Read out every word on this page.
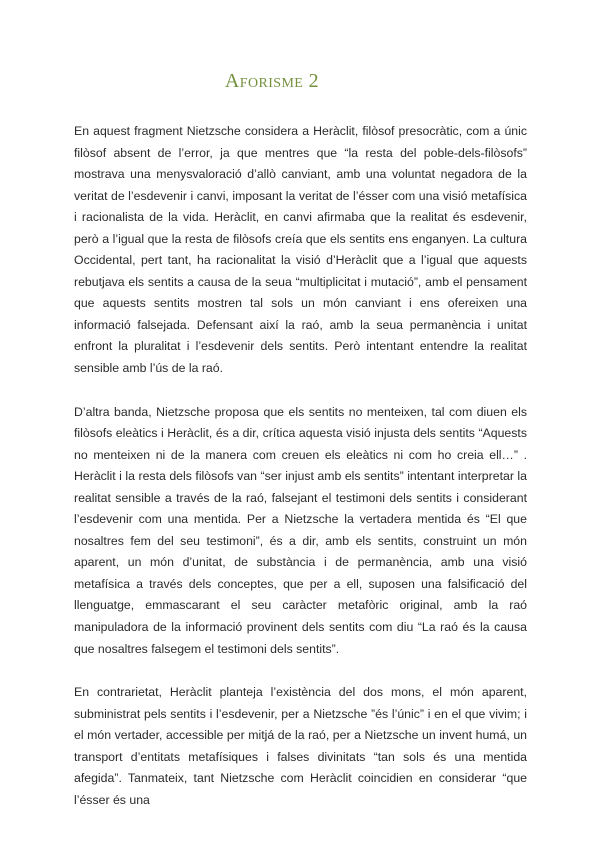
Aforisme 2

En aquest fragment Nietzsche considera a Heràclit, filòsof presocràtic, com a únic filòsof absent de l’error, ja que mentres que “la resta del poble-dels-filòsofs” mostrava una menysvaloració d’allò canviant, amb una voluntat negadora de la veritat de l’esdevenir i canvi, imposant la veritat de l’ésser com una visió metafísica i racionalista de la vida. Heràclit, en canvi afirmaba que la realitat és esdevenir, però a l’igual que la resta de filòsofs creía que els sentits ens enganyen. La cultura Occidental, pert tant, ha racionalitat la visió d’Heràclit que a l’igual que aquests rebutjava els sentits a causa de la seua “multiplicitat i mutació”, amb el pensament que aquests sentits mostren tal sols un món canviant i ens ofereixen una informació falsejada. Defensant així la raó, amb la seua permanència i unitat enfront la pluralitat i l’esdevenir dels sentits. Però intentant entendre la realitat sensible amb l’ús de la raó.

D’altra banda, Nietzsche proposa que els sentits no menteixen, tal com diuen els filòsofs eleàtics i Heràclit, és a dir, crítica aquesta visió injusta dels sentits “Aquests no menteixen ni de la manera com creuen els eleàtics ni com ho creia ell…” . Heràclit i la resta dels filòsofs van “ser injust amb els sentits” intentant interpretar la realitat sensible a través de la raó, falsejant el testimoni dels sentits i considerant l’esdevenir com una mentida. Per a Nietzsche la vertadera mentida és “El que nosaltres fem del seu testimoni”, és a dir, amb els sentits, construint un món aparent, un món d’unitat, de substància i de permanència, amb una visió metafísica a través dels conceptes, que per a ell, suposen una falsificació del llenguatge, emmascarant el seu caràcter metafòric original, amb la raó manipuladora de la informació provinent dels sentits com diu “La raó és la causa que nosaltres falsegem el testimoni dels sentits”.

En contrarietat, Heràclit planteja l’existència del dos mons, el món aparent, subministrat pels sentits i l’esdevenir, per a Nietzsche ”és l’únic” i en el que vivim; i el món vertader, accessible per mitjá de la raó, per a Nietzsche un invent humá, un transport d’entitats metafísiques i falses divinitats “tan sols és una mentida afegida”. Tanmateix, tant Nietzsche com Heràclit coincidien en considerar “que l’ésser és una
